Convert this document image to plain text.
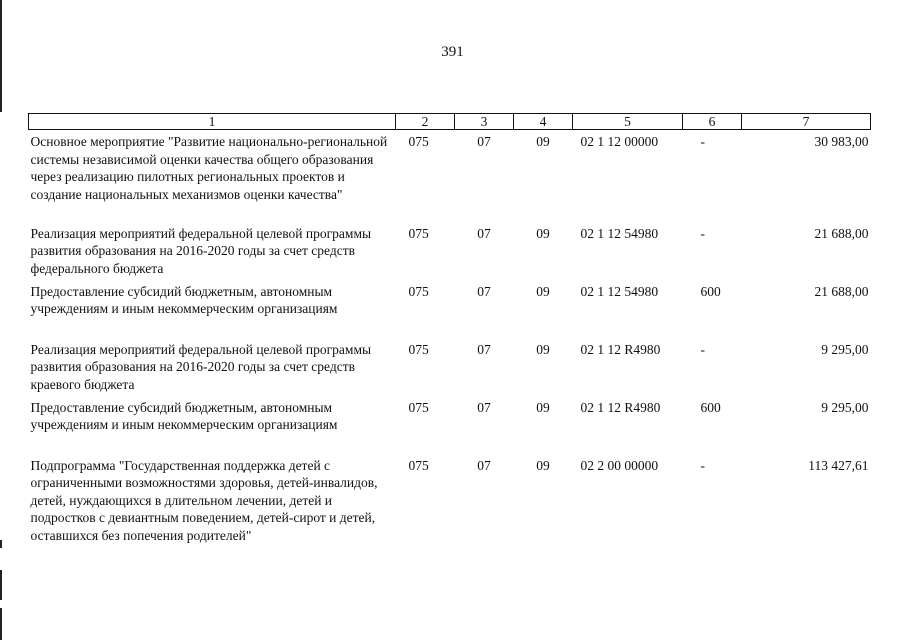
391
1	2	3	4	5	6	7
Основное мероприятие "Развитие национально-региональной системы независимой оценки качества общего образования через реализацию пилотных региональных проектов и создание национальных механизмов оценки качества"	075	07	09	02 1 12 00000	-	30 983,00
Реализация мероприятий федеральной целевой программы развития образования на 2016-2020 годы за счет средств федерального бюджета	075	07	09	02 1 12 54980	-	21 688,00
Предоставление субсидий бюджетным, автономным учреждениям и иным некоммерческим организациям	075	07	09	02 1 12 54980	600	21 688,00
Реализация мероприятий федеральной целевой программы развития образования на 2016-2020 годы за счет средств краевого бюджета	075	07	09	02 1 12 R4980	-	9 295,00
Предоставление субсидий бюджетным, автономным учреждениям и иным некоммерческим организациям	075	07	09	02 1 12 R4980	600	9 295,00
Подпрограмма "Государственная поддержка детей с ограниченными возможностями здоровья, детей-инвалидов, детей, нуждающихся в длительном лечении, детей и подростков с девиантным поведением, детей-сирот и детей, оставшихся без попечения родителей"	075	07	09	02 2 00 00000	-	113 427,61
